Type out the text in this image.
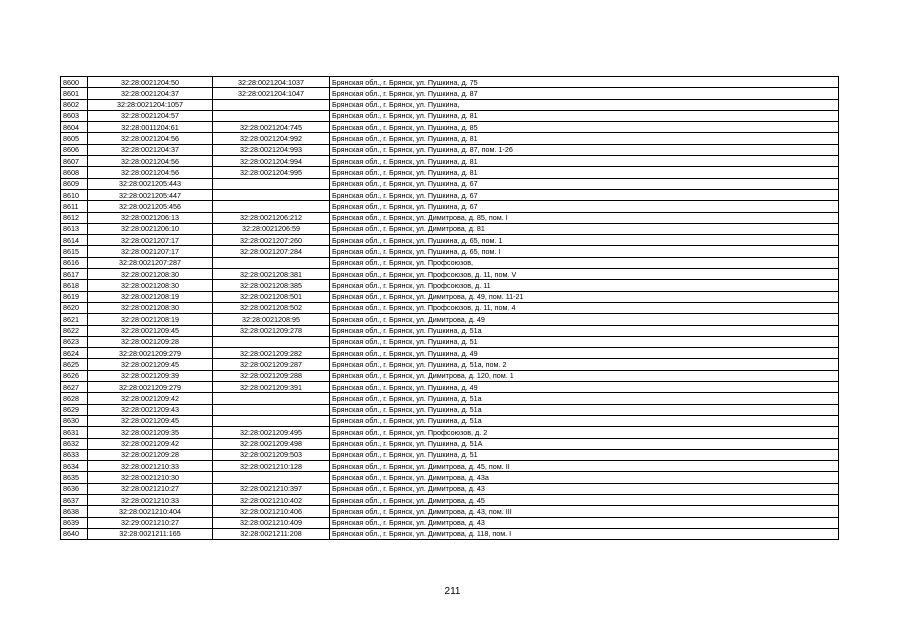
8600	32:28:0021204:50	32:28:0021204:1037	Брянская обл., г. Брянск, ул. Пушкина, д. 75
8601	32:28:0021204:37	32:28:0021204:1047	Брянская обл., г. Брянск, ул. Пушкина, д. 87
8602	32:28:0021204:1057		Брянская обл., г. Брянск, ул. Пушкина,
8603	32:28:0021204:57		Брянская обл., г. Брянск, ул. Пушкина, д. 81
8604	32:28:0011204:61	32:28:0021204:745	Брянская обл., г. Брянск, ул. Пушкина, д. 85
8605	32:28:0021204:56	32:28:0021204:992	Брянская обл., г. Брянск, ул. Пушкина, д. 81
8606	32:28:0021204:37	32:28:0021204:993	Брянская обл., г. Брянск, ул. Пушкина, д. 87, пом. 1-26
8607	32:28:0021204:56	32:28:0021204:994	Брянская обл., г. Брянск, ул. Пушкина, д. 81
8608	32:28:0021204:56	32:28:0021204:995	Брянская обл., г. Брянск, ул. Пушкина, д. 81
8609	32:28:0021205:443		Брянская обл., г. Брянск, ул. Пушкина, д. 67
8610	32:28:0021205:447		Брянская обл., г. Брянск, ул. Пушкина, д. 67
8611	32:28:0021205:456		Брянская обл., г. Брянск, ул. Пушкина, д. 67
8612	32:28:0021206:13	32:28:0021206:212	Брянская обл., г. Брянск, ул. Димитрова, д. 85, пом. I
8613	32:28:0021206:10	32:28:0021206:59	Брянская обл., г. Брянск, ул. Димитрова, д. 81
8614	32:28:0021207:17	32:28:0021207:260	Брянская обл., г. Брянск, ул. Пушкина, д. 65, пом. 1
8615	32:28:0021207:17	32:28:0021207:284	Брянская обл., г. Брянск, ул. Пушкина, д. 65, пом. I
8616	32:28:0021207:287		Брянская обл., г. Брянск, ул. Профсоюзов,
8617	32:28:0021208:30	32:28:0021208:381	Брянская обл., г. Брянск, ул. Профсоюзов, д. 11, пом. V
8618	32:28:0021208:30	32:28:0021208:385	Брянская обл., г. Брянск, ул. Профсоюзов, д. 11
8619	32:28:0021208:19	32:28:0021208:501	Брянская обл., г. Брянск, ул. Димитрова, д. 49, пом. 11-21
8620	32:28:0021208:30	32:28:0021208:502	Брянская обл., г. Брянск, ул. Профсоюзов, д. 11, пом. 4
8621	32:28:0021208:19	32:28:0021208:95	Брянская обл., г. Брянск, ул. Димитрова, д. 49
8622	32:28:0021209:45	32:28:0021209:278	Брянская обл., г. Брянск, ул. Пушкина, д. 51а
8623	32:28:0021209:28		Брянская обл., г. Брянск, ул. Пушкина, д. 51
8624	32:28:0021209:279	32:28:0021209:282	Брянская обл., г. Брянск, ул. Пушкина, д. 49
8625	32:28:0021209:45	32:28:0021209:287	Брянская обл., г. Брянск, ул. Пушкина, д. 51а, пом. 2
8626	32:28:0021209:39	32:28:0021209:288	Брянская обл., г. Брянск, ул. Димитрова, д. 120, пом. 1
8627	32:28:0021209:279	32:28:0021209:391	Брянская обл., г. Брянск, ул. Пушкина, д. 49
8628	32:28:0021209:42		Брянская обл., г. Брянск, ул. Пушкина, д. 51а
8629	32:28:0021209:43		Брянская обл., г. Брянск, ул. Пушкина, д. 51а
8630	32:28:0021209:45		Брянская обл., г. Брянск, ул. Пушкина, д. 51а
8631	32:28:0021209:35	32:28:0021209:495	Брянская обл., г. Брянск, ул. Профсоюзов, д. 2
8632	32:28:0021209:42	32:28:0021209:498	Брянская обл., г. Брянск, ул. Пушкина, д. 51А
8633	32:28:0021209:28	32:28:0021209:503	Брянская обл., г. Брянск, ул. Пушкина, д. 51
8634	32:28:0021210:33	32:28:0021210:128	Брянская обл., г. Брянск, ул. Димитрова, д. 45, пом. II
8635	32:28:0021210:30		Брянская обл., г. Брянск, ул. Димитрова, д. 43а
8636	32:28:0021210:27	32:28:0021210:397	Брянская обл., г. Брянск, ул. Димитрова, д. 43
8637	32:28:0021210:33	32:28:0021210:402	Брянская обл., г. Брянск, ул. Димитрова, д. 45
8638	32:28:0021210:404	32:28:0021210:406	Брянская обл., г. Брянск, ул. Димитрова, д. 43, пом. III
8639	32:29:0021210:27	32:28:0021210:409	Брянская обл., г. Брянск, ул. Димитрова, д. 43
8640	32:28:0021211:165	32:28:0021211:208	Брянская обл., г. Брянск, ул. Димитрова, д. 118, пом. I
211
